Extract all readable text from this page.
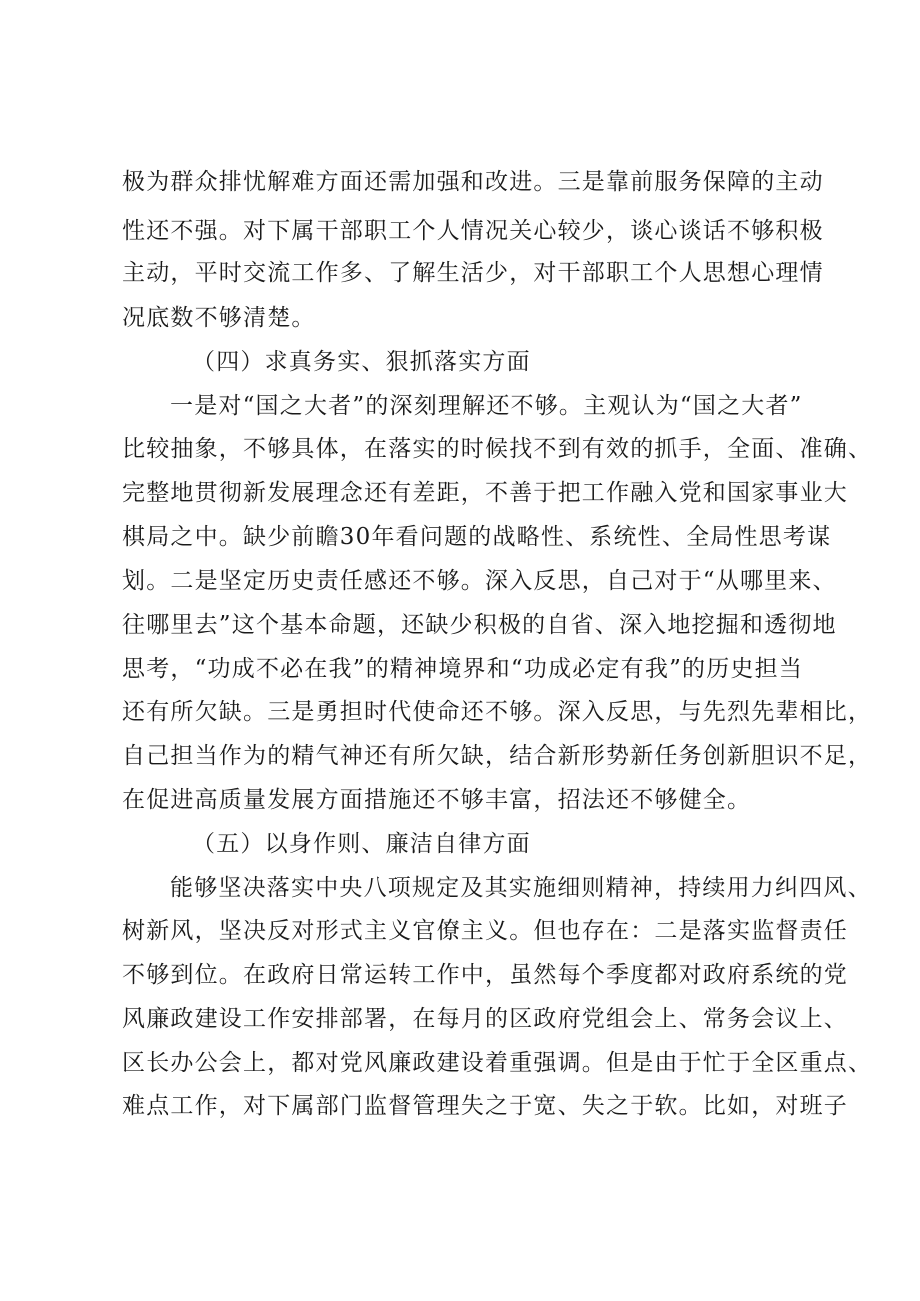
极为群众排忧解难方面还需加强和改进。三是靠前服务保障的主动
性还不强。对下属干部职工个人情况关心较少，谈心谈话不够积极
主动，平时交流工作多、了解生活少，对干部职工个人思想心理情
况底数不够清楚。
（四）求真务实、狠抓落实方面
一是对“国之大者”的深刻理解还不够。主观认为“国之大者”
比较抽象，不够具体，在落实的时候找不到有效的抓手，全面、准确、
完整地贯彻新发展理念还有差距，不善于把工作融入党和国家事业大
棋局之中。缺少前瞻30年看问题的战略性、系统性、全局性思考谋
划。二是坚定历史责任感还不够。深入反思，自己对于“从哪里来、
往哪里去”这个基本命题，还缺少积极的自省、深入地挖掘和透彻地
思考，“功成不必在我”的精神境界和“功成必定有我”的历史担当
还有所欠缺。三是勇担时代使命还不够。深入反思，与先烈先辈相比，
自己担当作为的精气神还有所欠缺，结合新形势新任务创新胆识不足，
在促进高质量发展方面措施还不够丰富，招法还不够健全。
（五）以身作则、廉洁自律方面
能够坚决落实中央八项规定及其实施细则精神，持续用力纠四风、
树新风，坚决反对形式主义官僚主义。但也存在：二是落实监督责任
不够到位。在政府日常运转工作中，虽然每个季度都对政府系统的党
风廉政建设工作安排部署，在每月的区政府党组会上、常务会议上、
区长办公会上，都对党风廉政建设着重强调。但是由于忙于全区重点、
难点工作，对下属部门监督管理失之于宽、失之于软。比如，对班子
